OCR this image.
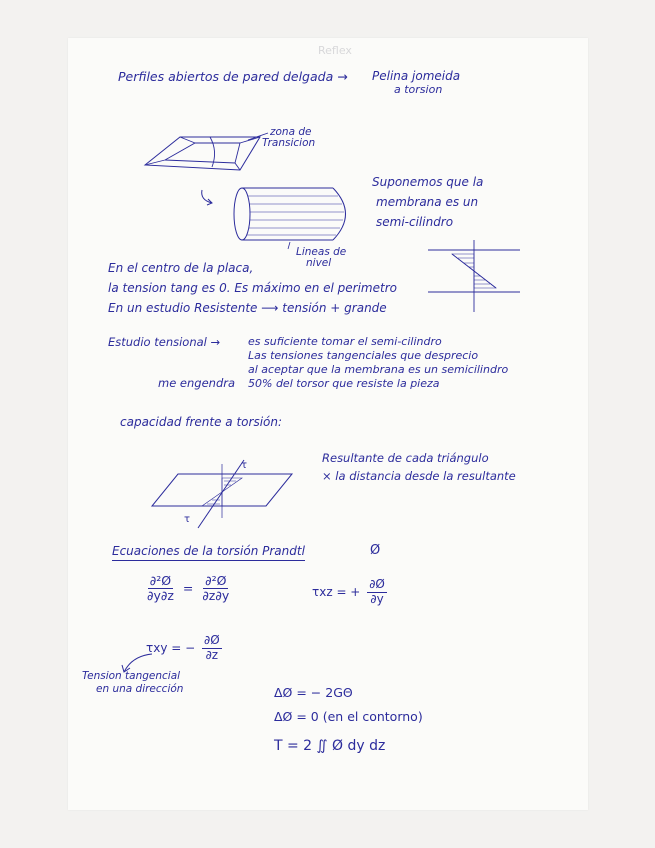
Reflex
Perfiles abiertos de pared delgada → Pelina jomeida
a torsion
zona de
Transicion
Lineas de
nivel
Suponemos que la
membrana es un
semi-cilindro
En el centro de la placa,
la tension tang es 0. Es máximo en el perimetro
En un estudio Resistente ⟶ tensión + grande
Estudio tensional →	es suficiente tomar el semi-cilindro
Las tensiones tangenciales que desprecio
al aceptar que la membrana es un semicilindro
me engendra 50% del torsor que resiste la pieza
capacidad frente a torsión:
τ
τ
Resultante de cada triángulo
× la distancia desde la resultante
Ecuaciones de la torsión Prandtl	Ø
$\frac{\text{∂²Ø}}{\partial y\partial z} = \frac{\text{∂²Ø}}{\partial z\partial y}$	τxz = + $\frac{\partial Ø}{\partial y}$
τxy = − $\frac{\partial Ø}{\partial z}$
Tension tangencial
en una dirección	ΔØ = − 2GΘ
ΔØ = 0 (en el contorno)
T = 2 ∬ Ø dy dz
